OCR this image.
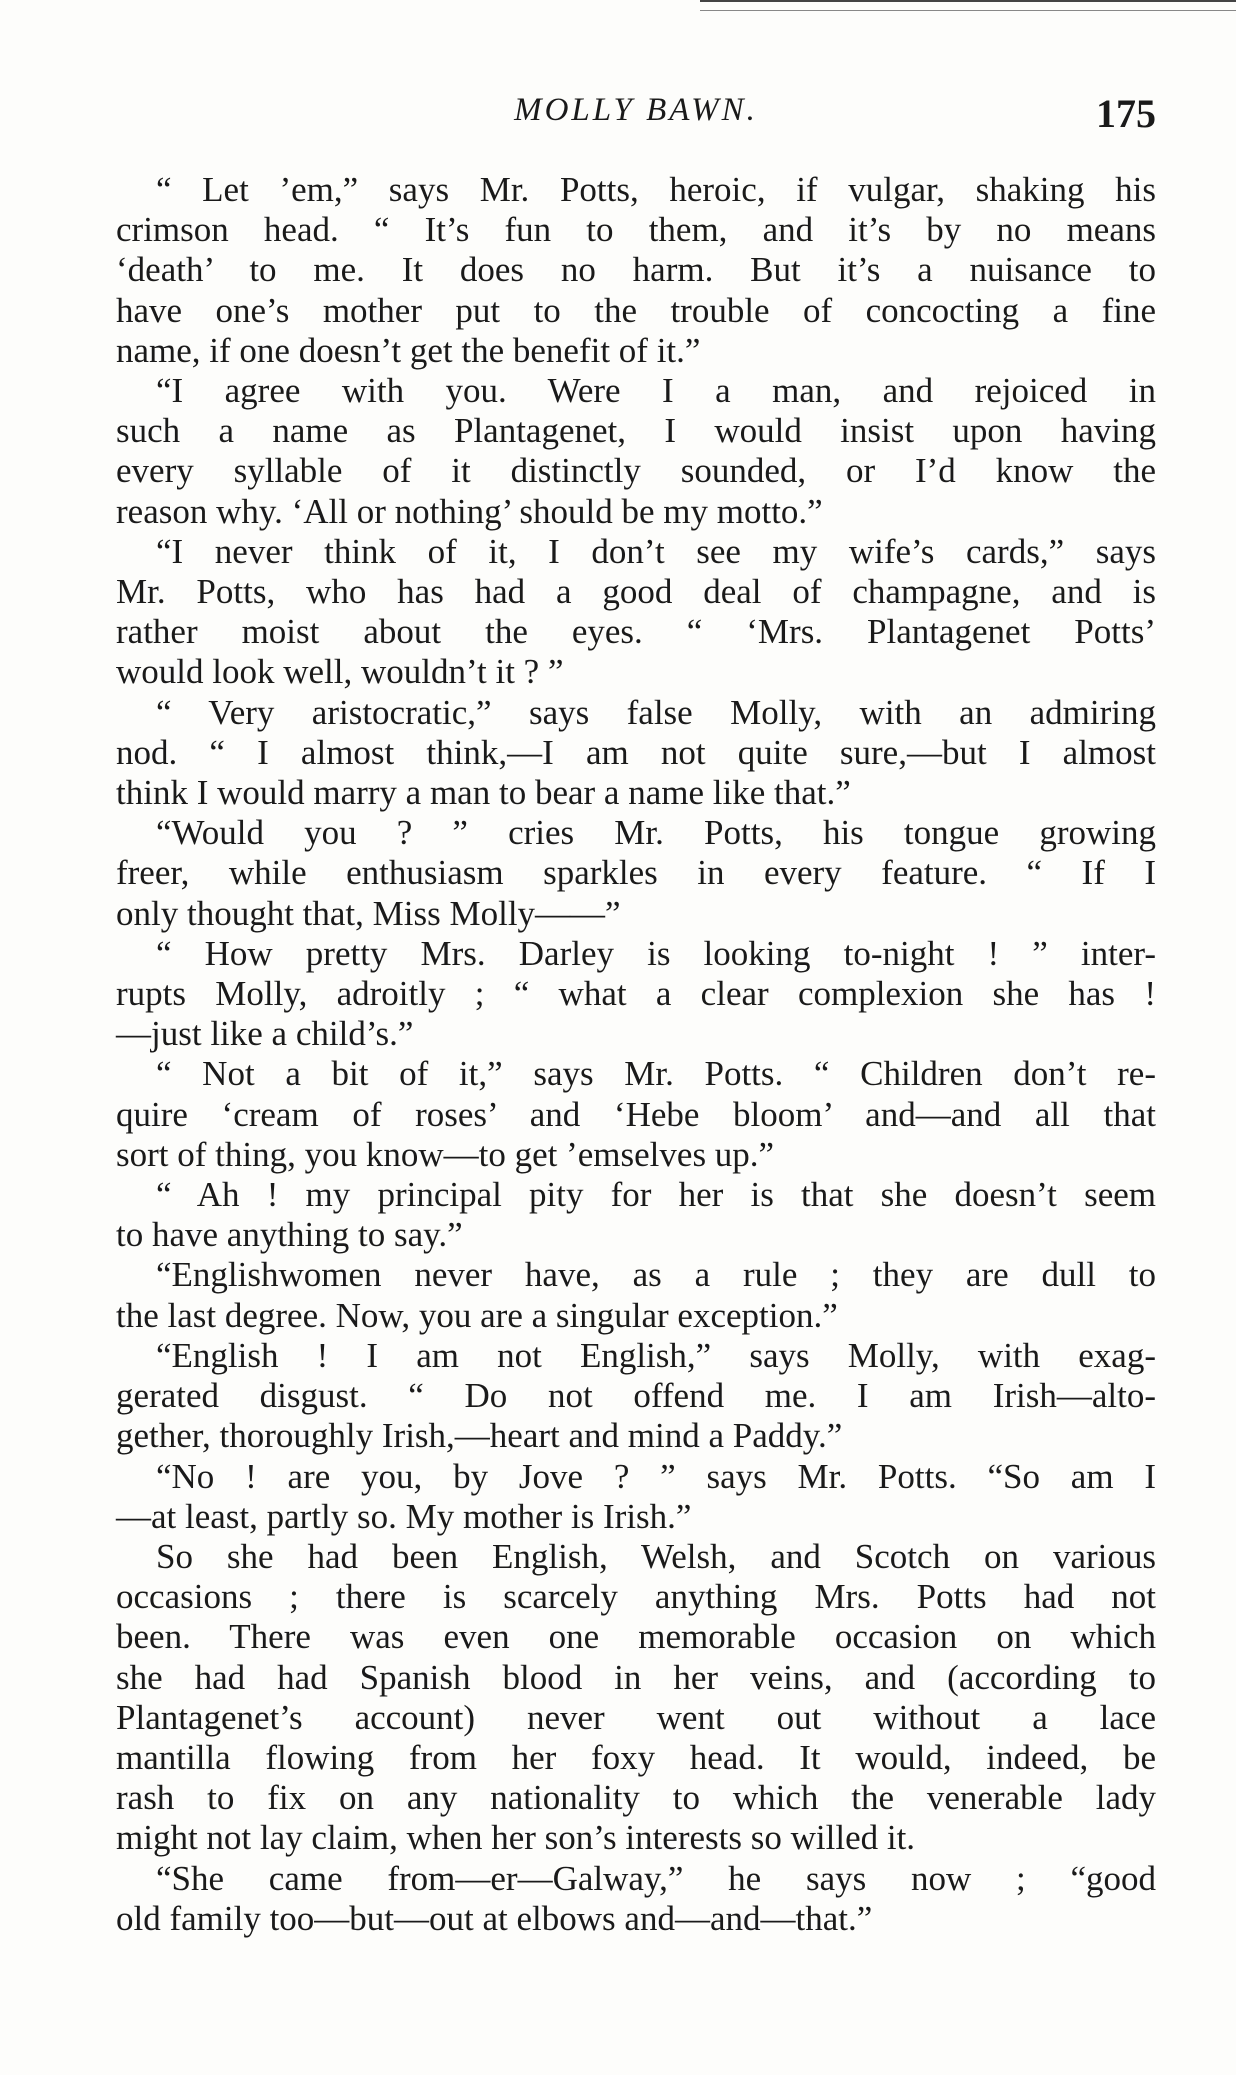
MOLLY BAWN.	175
“ Let ’em,” says Mr. Potts, heroic, if vulgar, shaking his
crimson head. “ It’s fun to them, and it’s by no means
‘death’ to me. It does no harm. But it’s a nuisance to
have one’s mother put to the trouble of concocting a fine
name, if one doesn’t get the benefit of it.”
“I agree with you. Were I a man, and rejoiced in
such a name as Plantagenet, I would insist upon having
every syllable of it distinctly sounded, or I’d know the
reason why. ‘All or nothing’ should be my motto.”
“I never think of it, I don’t see my wife’s cards,” says
Mr. Potts, who has had a good deal of champagne, and is
rather moist about the eyes. “ ‘Mrs. Plantagenet Potts’
would look well, wouldn’t it ? ”
“ Very aristocratic,” says false Molly, with an admiring
nod. “ I almost think,—I am not quite sure,—but I almost
think I would marry a man to bear a name like that.”
“Would you ? ” cries Mr. Potts, his tongue growing
freer, while enthusiasm sparkles in every feature. “ If I
only thought that, Miss Molly——”
“ How pretty Mrs. Darley is looking to-night ! ” inter-
rupts Molly, adroitly ; “ what a clear complexion she has !
—just like a child’s.”
“ Not a bit of it,” says Mr. Potts. “ Children don’t re-
quire ‘cream of roses’ and ‘Hebe bloom’ and—and all that
sort of thing, you know—to get ’emselves up.”
“ Ah ! my principal pity for her is that she doesn’t seem
to have anything to say.”
“Englishwomen never have, as a rule ; they are dull to
the last degree. Now, you are a singular exception.”
“English ! I am not English,” says Molly, with exag-
gerated disgust. “ Do not offend me. I am Irish—alto-
gether, thoroughly Irish,—heart and mind a Paddy.”
“No ! are you, by Jove ? ” says Mr. Potts. “So am I
—at least, partly so. My mother is Irish.”
So she had been English, Welsh, and Scotch on various
occasions ; there is scarcely anything Mrs. Potts had not
been. There was even one memorable occasion on which
she had had Spanish blood in her veins, and (according to
Plantagenet’s account) never went out without a lace
mantilla flowing from her foxy head. It would, indeed, be
rash to fix on any nationality to which the venerable lady
might not lay claim, when her son’s interests so willed it.
“She came from—er—Galway,” he says now ; “good
old family too—but—out at elbows and—and—that.”
